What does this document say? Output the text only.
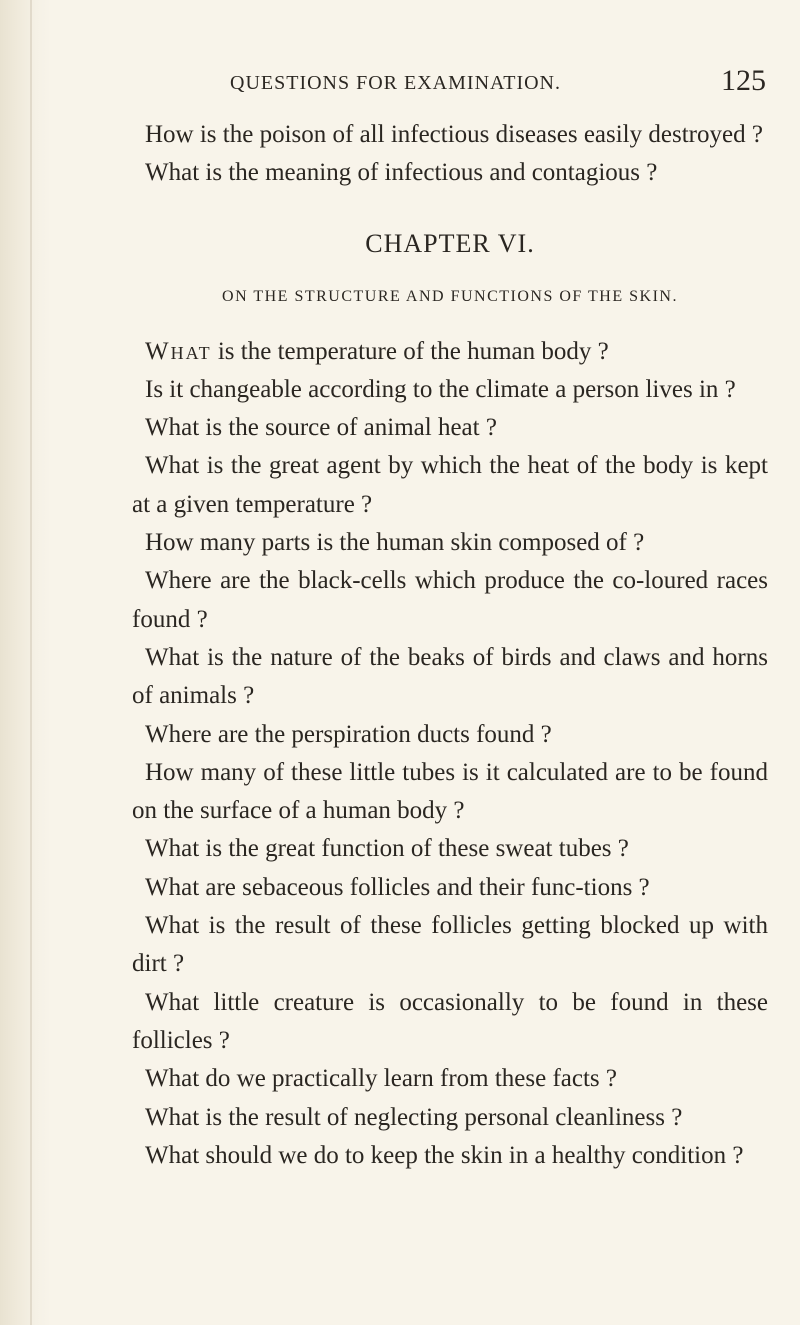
QUESTIONS FOR EXAMINATION.	125

How is the poison of all infectious diseases easily destroyed ?

What is the meaning of infectious and contagious ?

CHAPTER VI.
ON THE STRUCTURE AND FUNCTIONS OF THE SKIN.

What is the temperature of the human body ?

Is it changeable according to the climate a person lives in ?

What is the source of animal heat ?

What is the great agent by which the heat of the body is kept at a given temperature ?

How many parts is the human skin composed of ?

Where are the black-cells which produce the co-loured races found ?

What is the nature of the beaks of birds and claws and horns of animals ?

Where are the perspiration ducts found ?

How many of these little tubes is it calculated are to be found on the surface of a human body ?

What is the great function of these sweat tubes ?

What are sebaceous follicles and their func-tions ?

What is the result of these follicles getting blocked up with dirt ?

What little creature is occasionally to be found in these follicles ?

What do we practically learn from these facts ?

What is the result of neglecting personal cleanliness ?

What should we do to keep the skin in a healthy condition ?
